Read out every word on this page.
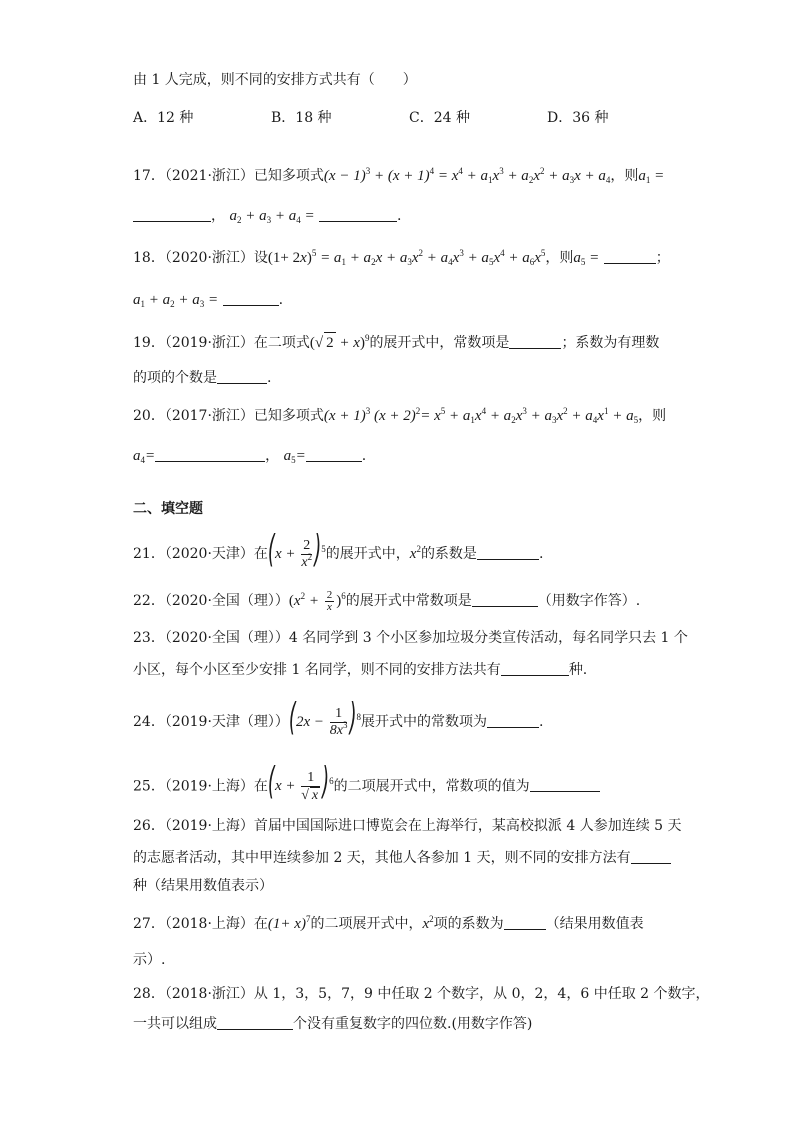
由 1 人完成，则不同的安排方式共有（　　）
A．12 种	B．18 种	C．24 种	D．36 种
17．（2021·浙江）已知多项式$(x - 1)^3 + (x + 1)^4 = x^4 + a_1x^3 + a_2x^2 + a_3x + a_4$，则$a_1$ =
， $a_2 + a_3 + a_4$ =	.
18．（2020·浙江）设$(1+ 2x)^5 = a_1 + a_2x + a_3x^2 + a_4x^3 + a_5x^4 + a_6x^5$，则$a_5$ =	；
$a_1 + a_2 + a_3$ =	.
19．（2019·浙江）在二项式(√ 2 + x)$^9$的展开式中，常数项是	；系数为有理数
的项的个数是	.
20．（2017·浙江）已知多项式$(x + 1)^3$ $(x + 2)^2= x^5 + a_1x^4 + a_2x^3 + a_3x^2 + a_4x^1 + a_5$，则
$a_4=$	， $a_5=$	.
二、填空题
21．（2020·天津）在$(x + \frac{2}{x^2} )^5$的展开式中，$x^2$的系数是	.
22．（2020·全国（理））$(x^2 + \frac{2}{x} )^6$的展开式中常数项是	（用数字作答）.
23．（2020·全国（理））4 名同学到 3 个小区参加垃圾分类宣传活动，每名同学只去 1 个
小区，每个小区至少安排 1 名同学，则不同的安排方法共有	种.
24．（2019·天津（理））$(2x - \frac{1}{8x^3} )^8$展开式中的常数项为	.
25．（2019·上海）在$(x + \frac{1}{√ x} )^6$的二项展开式中，常数项的值为
26．（2019·上海）首届中国国际进口博览会在上海举行，某高校拟派 4 人参加连续 5 天
的志愿者活动，其中甲连续参加 2 天，其他人各参加 1 天，则不同的安排方法有
种（结果用数值表示）
27．（2018·上海）在$(1+ x)^7$的二项展开式中，$x^2$项的系数为	（结果用数值表
示）.
28．（2018·浙江）从 1，3，5，7，9 中任取 2 个数字，从 0，2，4，6 中任取 2 个数字，
一共可以组成	个没有重复数字的四位数.(用数字作答)
